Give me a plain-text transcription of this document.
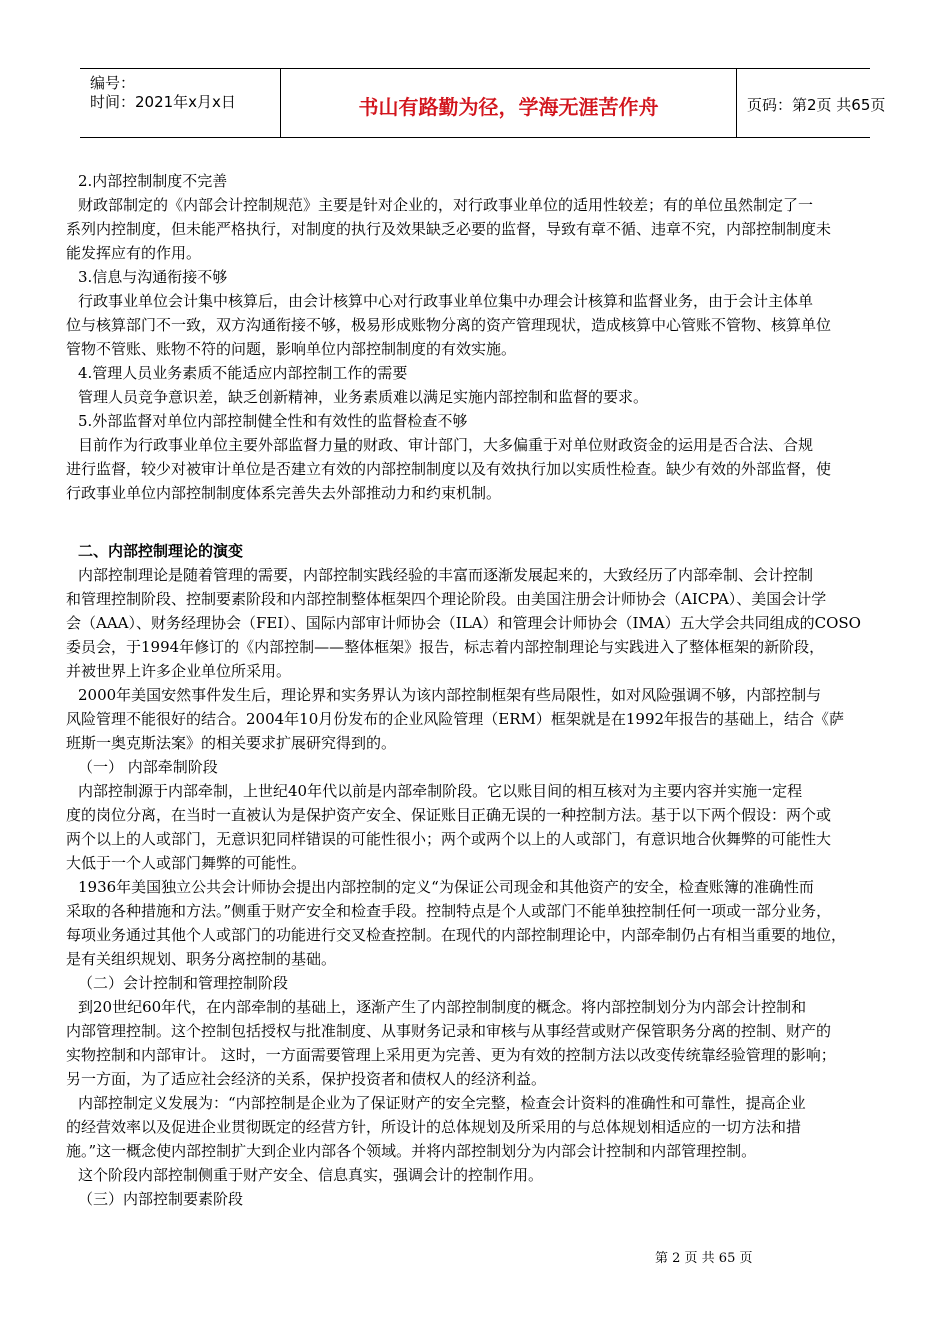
编号：
时间：2021年x月x日	书山有路勤为径，学海无涯苦作舟	页码：第2页 共65页
2.内部控制制度不完善
财政部制定的《内部会计控制规范》主要是针对企业的，对行政事业单位的适用性较差；有的单位虽然制定了一
系列内控制度，但未能严格执行，对制度的执行及效果缺乏必要的监督，导致有章不循、违章不究，内部控制制度未
能发挥应有的作用。
3.信息与沟通衔接不够
行政事业单位会计集中核算后，由会计核算中心对行政事业单位集中办理会计核算和监督业务，由于会计主体单
位与核算部门不一致，双方沟通衔接不够，极易形成账物分离的资产管理现状，造成核算中心管账不管物、核算单位
管物不管账、账物不符的问题，影响单位内部控制制度的有效实施。
4.管理人员业务素质不能适应内部控制工作的需要
管理人员竞争意识差，缺乏创新精神，业务素质难以满足实施内部控制和监督的要求。
5.外部监督对单位内部控制健全性和有效性的监督检查不够
目前作为行政事业单位主要外部监督力量的财政、审计部门，大多偏重于对单位财政资金的运用是否合法、合规
进行监督，较少对被审计单位是否建立有效的内部控制制度以及有效执行加以实质性检查。缺少有效的外部监督，使
行政事业单位内部控制制度体系完善失去外部推动力和约束机制。
二、内部控制理论的演变
内部控制理论是随着管理的需要，内部控制实践经验的丰富而逐渐发展起来的，大致经历了内部牵制、会计控制
和管理控制阶段、控制要素阶段和内部控制整体框架四个理论阶段。由美国注册会计师协会（AICPA）、美国会计学
会（AAA）、财务经理协会（FEI）、国际内部审计师协会（ILA）和管理会计师协会（IMA）五大学会共同组成的COSO
委员会，于1994年修订的《内部控制——整体框架》报告，标志着内部控制理论与实践进入了整体框架的新阶段，
并被世界上许多企业单位所采用。
2000年美国安然事件发生后，理论界和实务界认为该内部控制框架有些局限性，如对风险强调不够，内部控制与
风险管理不能很好的结合。2004年10月份发布的企业风险管理（ERM）框架就是在1992年报告的基础上，结合《萨
班斯一奥克斯法案》的相关要求扩展研究得到的。
（一） 内部牵制阶段
内部控制源于内部牵制，上世纪40年代以前是内部牵制阶段。它以账目间的相互核对为主要内容并实施一定程
度的岗位分离，在当时一直被认为是保护资产安全、保证账目正确无误的一种控制方法。基于以下两个假设：两个或
两个以上的人或部门，无意识犯同样错误的可能性很小；两个或两个以上的人或部门，有意识地合伙舞弊的可能性大
大低于一个人或部门舞弊的可能性。
1936年美国独立公共会计师协会提出内部控制的定义“为保证公司现金和其他资产的安全，检查账簿的准确性而
采取的各种措施和方法。”侧重于财产安全和检查手段。控制特点是个人或部门不能单独控制任何一项或一部分业务，
每项业务通过其他个人或部门的功能进行交叉检查控制。在现代的内部控制理论中，内部牵制仍占有相当重要的地位，
是有关组织规划、职务分离控制的基础。
（二）会计控制和管理控制阶段
到20世纪60年代，在内部牵制的基础上，逐渐产生了内部控制制度的概念。将内部控制划分为内部会计控制和
内部管理控制。这个控制包括授权与批准制度、从事财务记录和审核与从事经营或财产保管职务分离的控制、财产的
实物控制和内部审计。 这时，一方面需要管理上采用更为完善、更为有效的控制方法以改变传统靠经验管理的影响；
另一方面，为了适应社会经济的关系，保护投资者和债权人的经济利益。
内部控制定义发展为：“内部控制是企业为了保证财产的安全完整，检查会计资料的准确性和可靠性，提高企业
的经营效率以及促进企业贯彻既定的经营方针，所设计的总体规划及所采用的与总体规划相适应的一切方法和措
施。”这一概念使内部控制扩大到企业内部各个领域。并将内部控制划分为内部会计控制和内部管理控制。
这个阶段内部控制侧重于财产安全、信息真实，强调会计的控制作用。
（三）内部控制要素阶段
第 2 页 共 65 页
